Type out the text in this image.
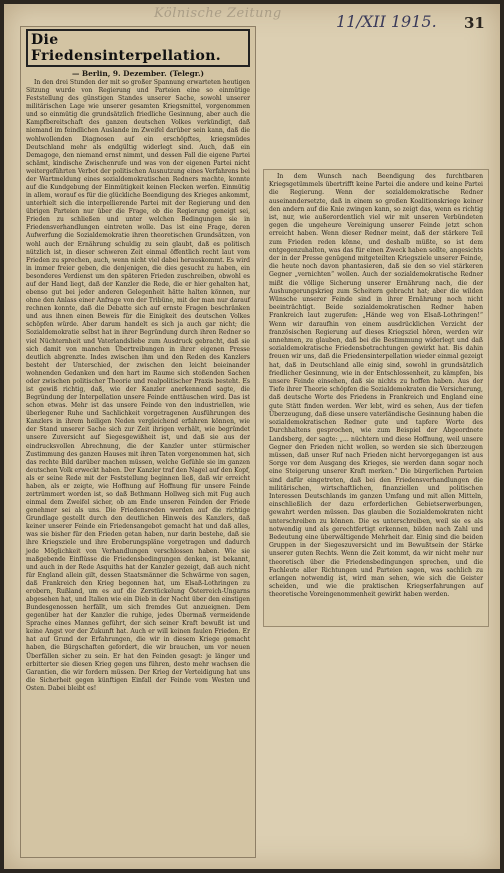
Kölnische Zeitung	11/XII 1915. 31
Die Friedensinterpellation.
— Berlin, 9. Dezember. (Telegr.)

In den drei Stunden der mit so großer Spannung erwarteten heutigen Sitzung wurde von Regierung und Parteien eine so einmütige Feststellung des günstigen Standes unserer Sache, sowohl unserer militärischen Lage wie unserer gesamten Kriegsmittel, vorgenommen und so einmütig die grundsätzlich friedliche Gesinnung, aber auch die Kampfbereitschaft des ganzen deutschen Volkes verkündigt, daß niemand im feindlichen Auslande im Zweifel darüber sein kann, daß die wohlwollenden Diagnosen auf ein erschöpftes, kriegsmüdes Deutschland mehr als endgültig widerlegt sind. Auch, daß ein Demagoge, den niemand ernst nimmt, und dessen Fall die eigene Partei schämt, kindische Zwischenrufe und was von der eigenen Partei nicht weitergeführten Verbot der politischen Ausnutzung eines Verfahrens bei der Wartmeldung eines sozialdemokratischen Redners machte, konnte auf die Kundgebung der Einmütigkeit keinen Flecken werfen. Einmütig in allem, worauf es für die glückliche Beendigung des Krieges ankommt, unterhielt sich die interpellierende Partei mit der Regierung und den übrigen Parteien nur über die Frage, ob die Regierung geneigt sei, Frieden zu schließen und unter welchen Bedingungen sie in Friedensverhandlungen eintreten wolle. Das ist eine Frage, deren Aufwerfung die Sozialdemokratie ihren theoretischen Grundsätzen, von wohl auch der Ernährung schuldig zu sein glaubt, daß es politisch nützlich ist, in dieser schweren Zeit einmal öffentlich recht laut vom Frieden zu sprechen, auch, wenn nicht viel dabei herauskommt. Es wird in immer freier geben, die denjenigen, die dies gesucht zu haben, ein besonderes Verdienst um den späteren Frieden zuschreiben, obwohl es auf der Hand liegt, daß der Kanzler die Rede, die er hier gehalten hat, ebenso gut bei jeder anderen Gelegenheit hätte halten können, nur ohne den Anlass einer Anfrage von der Tribüne, mit der man nur darauf rechnen konnte, daß die Debatte sich auf ernste Fragen beschränken und aus ihnen einen Beweis für die Einigkeit des deutschen Volkes schöpfen würde. Aber darum handelt es sich ja auch gar nicht; die Sozialdemokratie selbst hat in ihrer Begründung durch ihren Redner so viel Nüchternheit und Vaterlandsliebe zum Ausdruck gebracht, daß sie sich damit von manchen Übertreibungen in ihrer eigenen Presse deutlich abgrenzte. Indes zwischen ihm und den Reden des Kanzlers besteht der Unterschied, der zwischen den leicht beieinander wohnenden Gedanken und den hart im Raume sich stoßenden Sachen oder zwischen politischer Theorie und realpolitischer Praxis besteht. Es ist gewiß richtig, daß, wie der Kanzler anerkennend sagte, die Begründung der Interpellation unsere Feinde enttäuschen wird. Das ist schon etwas. Mehr ist das unsere Feinde von den industriellen, wie überlegener Ruhe und Sachlichkeit vorgetragenen Ausführungen des Kanzlers in ihrem heiligen Neden vergleichend erfahren können, wie der Stand unserer Sache sich zur Zeit ihrigen verhält, wie begründet unsere Zuversicht auf Siegesgewißheit ist, und daß sie aus der eindrucksvollen Abrechnung, die der Kanzler unter stürmischer Zustimmung des ganzen Hauses mit ihren Taten vorgenommen hat, sich das rechte Bild darüber machen müssen, welche Gefühle sie im ganzen deutschen Volk erweckt haben. Der Kanzler traf den Nagel auf den Kopf, als er seine Rede mit der Feststellung beginnen ließ, daß wir erreicht haben, als er zeigte, wie Hoffnung auf Hoffnung für unsere Feinde zertrümmert worden ist, so daß Bethmann Hollweg sich mit Fug auch einmal dem Zweifel sicher, ob am Ende unseren Feinden der Friede genehmer sei als uns. Die Friedensreden werden auf die richtige Grundlage gestellt durch den deutlichen Hinweis des Kanzlers, daß keiner unserer Feinde ein Friedensangebot gemacht hat und daß alles, was sie bisher für den Frieden getan haben, nur darin bestehe, daß sie ihre Kriegsziele und ihre Eroberungspläne vorgetragen und dadurch jede Möglichkeit von Verhandlungen verschlossen haben. Wie sie maßgebende Einflüsse die Friedensbedingungen denken, ist bekannt, und auch in der Rede Asquiths hat der Kanzler gezeigt, daß auch nicht für England allein gilt, dessen Staatsmänner die Schwärme von sagen, daß Frankreich den Krieg begonnen hat, um Elsaß-Lothringen zu erobern, Rußland, um es auf die Zerstückelung Österreich-Ungarns abgesehen hat, und Italien wie ein Dieb in der Nacht über den einstigen Bundesgenossen herfällt, um sich fremdes Gut anzueignen. Dem gegenüber hat der Kanzler die ruhige, jedes Übermaß vermeidende Sprache eines Mannes geführt, der sich seiner Kraft bewußt ist und keine Angst vor der Zukunft hat. Auch er will keinen faulen Frieden. Er hat auf Grund der Erfahrungen, die wir in diesem Kriege gemacht haben, die Bürgschaften gefordert, die wir brauchen, um vor neuen Überfällen sicher zu sein. Er hat den Feinden gesagt: je länger und erbitterter sie diesen Krieg gegen uns führen, desto mehr wachsen die Garantien, die wir fordern müssen. Der Krieg der Verteidigung hat uns die Sicherheit gegen künftigen Einfall der Feinde vom Westen und Osten. Dabei bleibt es!

In dem Wunsch nach Beendigung des furchtbaren Kriegsgetümmels übertrifft keine Partei die andere und keine Partei die Regierung. Wenn der sozialdemokratische Redner auseinandersetzte, daß in einem so großen Koalitionskriege keiner den andern auf die Knie zwingen kann, so zeigt das, wenn es richtig ist, nur, wie außerordentlich viel wir mit unseren Verbündeten gegen die ungeheure Vereinigung unserer Feinde jetzt schon erreicht haben. Wenn dieser Redner meint, daß der stärkere Teil zum Frieden reden könne, und deshalb müßte, so ist dem entgegenzuhalten, was das für einen Zweck haben sollte, angesichts der in der Presse genügend mitgeteilten Kriegsziele unserer Feinde, die heute noch davon phantasieren, daß sie den so viel stärkeren Gegner „vernichten“ wollen. Auch der sozialdemokratische Redner mißt die völlige Sicherung unserer Ernährung nach, die der Aushungerungskrieg zum Scheitern gebracht hat; aber die wilden Wünsche unserer Feinde sind in ihrer Ernährung noch nicht beeinträchtigt. Beide sozialdemokratischen Redner haben Frankreich laut zugerufen: „Hände weg von Elsaß-Lothringen!“ Wenn wir daraufhin von einem ausdrücklichen Verzicht der französischen Regierung auf dieses Kriegsziel hören, werden wir annehmen, zu glauben, daß bei die Bestimmung widerlegt und daß sozialdemokratische Friedensbetrachtungen gewirkt hat. Bis dahin freuen wir uns, daß die Friedensinterpellation wieder einmal gezeigt hat, daß in Deutschland alle einig sind, sowohl in grundsätzlich friedlicher Gesinnung, wie in der Entschlossenheit, zu kämpfen, bis unsere Feinde einsehen, daß sie nichts zu hoffen haben. Aus der Tiefe ihrer Theorie schöpfen die Sozialdemokraten die Versicherung, daß deutsche Worte des Friedens in Frankreich und England eine gute Stätt finden werden. Wer lebt, wird es sehen, Aus der tiefen Überzeugung, daß diese unsere vaterländische Gesinnung haben die sozialdemokratischen Redner gute und tapfere Worte des Durchhaltens gesprochen, wie zum Beispiel der Abgeordnete Landsberg, der sagte: „... nüchtern und diese Hoffnung, weil unsere Gegner den Frieden nicht wollen, so werden sie sich überzeugen müssen, daß unser Ruf nach Frieden nicht hervorgegangen ist aus Sorge vor dem Ausgang des Krieges, sie werden dann sogar noch eine Steigerung unserer Kraft merken.“ Die bürgerlichen Parteien sind dafür eingetreten, daß bei den Friedensverhandlungen die militärischen, wirtschaftlichen, finanziellen und politischen Interessen Deutschlands im ganzen Umfang und mit allen Mitteln, einschließlich der dazu erforderlichen Gebietserwerbungen, gewahrt werden müssen. Das glauben die Sozialdemokraten nicht unterschreiben zu können. Die es unterschreiben, weil sie es als notwendig und als gerechtfertigt erkennen, bilden nach Zahl und Bedeutung eine überwältigende Mehrheit dar. Einig sind die beiden Gruppen in der Siegeszuversicht und im Bewußtsein der Stärke unserer guten Rechts. Wenn die Zeit kommt, da wir nicht mehr nur theoretisch über die Friedensbedingungen sprechen, und die Fachleute aller Richtungen und Parteien sagen, was sachlich zu erlangen notwendig ist, wird man sehen, wie sich die Geister scheiden, und wie die praktischen Kriegserfahrungen auf theoretische Voreingenommenheit gewirkt haben werden.
